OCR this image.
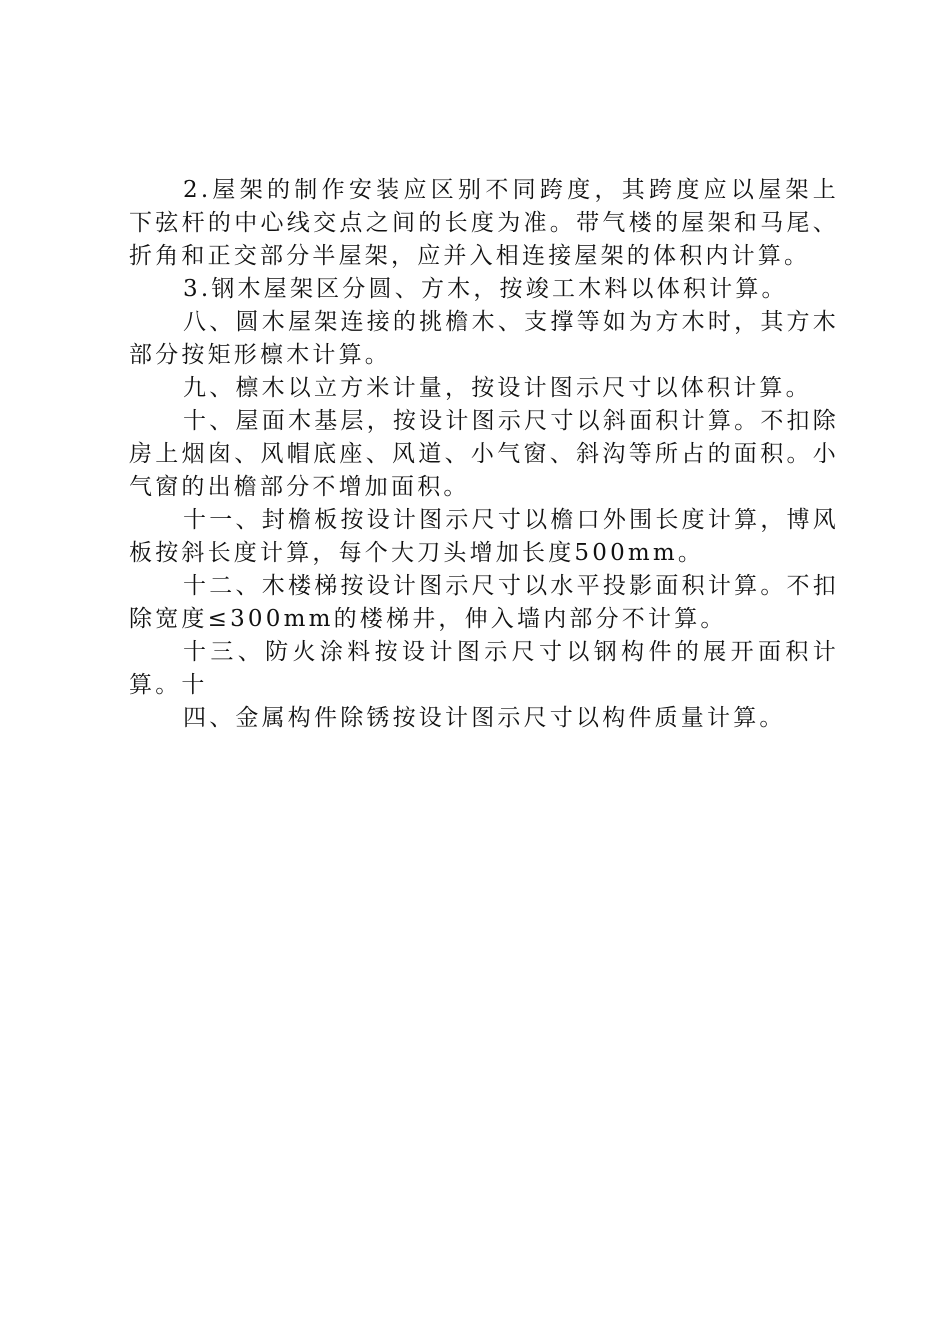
2.屋架的制作安装应区别不同跨度，其跨度应以屋架上下弦杆的中心线交点之间的长度为准。带气楼的屋架和马尾、折角和正交部分半屋架，应并入相连接屋架的体积内计算。

3.钢木屋架区分圆、方木，按竣工木料以体积计算。

八、圆木屋架连接的挑檐木、支撑等如为方木时，其方木部分按矩形檩木计算。

九、檩木以立方米计量，按设计图示尺寸以体积计算。

十、屋面木基层，按设计图示尺寸以斜面积计算。不扣除房上烟囱、风帽底座、风道、小气窗、斜沟等所占的面积。小气窗的出檐部分不增加面积。

十一、封檐板按设计图示尺寸以檐口外围长度计算，博风板按斜长度计算，每个大刀头增加长度500mm。

十二、木楼梯按设计图示尺寸以水平投影面积计算。不扣除宽度≤300mm的楼梯井，伸入墙内部分不计算。

十三、防火涂料按设计图示尺寸以钢构件的展开面积计算。十

四、金属构件除锈按设计图示尺寸以构件质量计算。
